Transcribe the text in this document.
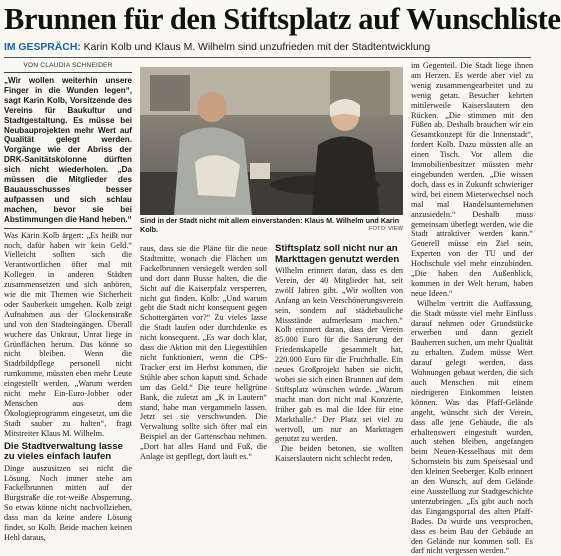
Brunnen für den Stiftsplatz auf Wunschliste
IM GESPRÄCH: Karin Kolb und Klaus M. Wilhelm sind unzufrieden mit der Stadtentwicklung
VON CLAUDIA SCHNEIDER
„Wir wollen weiterhin unsere Finger in die Wunden legen“, sagt Karin Kolb, Vorsitzende des Vereins für Baukultur und Stadtgestaltung. Es müsse bei Neubauprojekten mehr Wert auf Qualität gelegt werden. Vorgänge wie der Abriss der DRK-Sanitätskolonne dürften sich nicht wiederholen. „Da müssen die Mitglieder des Bauausschusses besser aufpassen und sich schlau machen, bevor sie bei Abstimmungen die Hand heben.“

Was Karin Kolb ärgert: „Es heißt nur noch, dafür haben wir kein Geld.“ Vielleicht sollten sich die Verantwortlichen öfter mal mit Kollegen in anderen Städten zusammensetzen und sich anhören, wie die mit Themen wie Sicherheit oder Sauberkeit umgehen. Kolb zeigt Aufnahmen aus der Glockenstraße und von den Stadteingängen. Überall wuchere das Unkraut, Unrat liege in Grünflächen herum. Das könne so nicht bleiben. Wenn die Stadtbildpflege personell nicht rumkomme, müssten eben mehr Leute eingestellt werden. „Warum werden nicht mehr Ein-Euro-Jobber oder Menschen aus dem Ökologieprogramm eingesetzt, um die Stadt sauber zu halten“, fragt Mitstreiter Klaus M. Wilhelm.

Die Stadtverwaltung lasse zu vieles einfach laufen

Dinge auszusitzen sei nicht die Lösung. Noch immer stehe am Fackelbrunnen mitten auf der Burgstraße die rot-weiße Absperrung. So etwas könne nicht nachvollziehen, dass man da keine andere Lösung findet, so Kolb. Beide machen keinen Hehl daraus,

Sind in der Stadt nicht mit allem einverstanden: Klaus M. Wilhelm und Karin Kolb.	FOTO: VIEW

raus, dass sie die Pläne für die neue Stadtmitte, wonach die Flächen um Fackelbrunnen versiegelt werden soll und dort dann Busse halten, die die Sicht auf die Kaiserpfalz versperren, nicht gut finden. Kolb: „Und warum geht die Stadt nicht konsequent gegen Schottergärten vor?“ Zu vieles lasse die Stadt laufen oder durchdenke es nicht konsequent. „Es war doch klar, dass die Aktion mit den Liegestühlen nicht funktioniert, wenn die CPS-Tracker erst im Herbst kommen, die Stühle aber schon kaputt sind. Schade um das Geld.“ Die teure hellgrüne Bank, die zuletzt am „K in Lautern“ stand, habe man vergammeln lassen. Jetzt sei sie verschwunden. Die Verwaltung sollte sich öfter mal ein Beispiel an der Gartenschau nehmen. „Dort hat alles Hand und Fuß, die Anlage ist gepflegt, dort läuft es.“

Stiftsplatz soll nicht nur an Markttagen genutzt werden

Wilhelm erinnert daran, dass es den Verein, der 40 Mitglieder hat, seit zwölf Jahren gibt. „Wir wollten von Anfang an kein Verschönerungsverein sein, sondern auf städtebauliche Missstände aufmerksam machen.“ Kolb erinnert daran, dass der Verein 85.000 Euro für die Sanierung der Friedenskapelle gesammelt hat, 220.000 Euro für die Fruchthalle. Ein neues Großprojekt haben sie nicht, wobei sie sich einen Brunnen auf dem Stiftsplatz wünschen würde. „Warum macht man dort nicht mal Konzerte, früher gab es mal die Idee für eine Markthalle.“ Der Platz sei viel zu wertvoll, um nur an Markttagen genutzt zu werden.

Die beiden betonen, sie wollten Kaiserslautern nicht schlecht reden,

im Gegenteil. Die Stadt liege ihnen am Herzen. Es werde aber viel zu wenig zusammengearbeitet und zu wenig getan. Besucher kehrten mittlerweile Kaiserslautern den Rücken. „Die stimmen mit den Füßen ab. Deshalb brauchen wir ein Gesamtkonzept für die Innenstadt“, fordert Kolb. Dazu müssten alle an einen Tisch. Vor allem die Immobilienbesitzer müssten mehr eingebunden werden. „Die wissen doch, dass es in Zukunft schwieriger wird, bei einem Mieterwechsel noch mal mal Handelsunternehmen anzusiedeln.“ Deshalb muss gemeinsam überlegt werden, wie die Stadt attraktiver werden kann.“ Generell müsse ein Ziel sein, Experten von der TU und der Hochschule viel mehr einzubinden. „Die haben den Außenblick, kommen in der Welt herum, haben neue Ideen.“

Wilhelm vertritt die Auffassung, die Stadt müsste viel mehr Einfluss darauf nehmen oder Grundstücke erwerben und dann gezielt Bauherren suchen, um mehr Qualität zu erhalten. Zudem müsse Wert darauf gelegt werden, dass Wohnungen gebaut werden, die sich auch Menschen mit einem niedrigeren Einkommen leisten können. Was das Pfaff-Gelände angeht, wünscht sich der Verein, dass alle jene Gebäude, die als erhaltenswert eingestuft wurden, auch stehen bleiben, angefangen beim Neuen-Kesselhaus mit dem Schornstein bis zum Speisesaal und den kleinen Seeberger. Kolb erinnert an den Wunsch, auf dem Gelände eine Ausstellung zur Stadtgeschichte unterzubringen. „Es gibt auch noch das Eingangsportal des alten Pfaff-Bades. Da wurde uns versprochen, dass es beim Bau der Gebäude an den Gelände nur kommen soll. Es darf nicht vergessen werden.“
